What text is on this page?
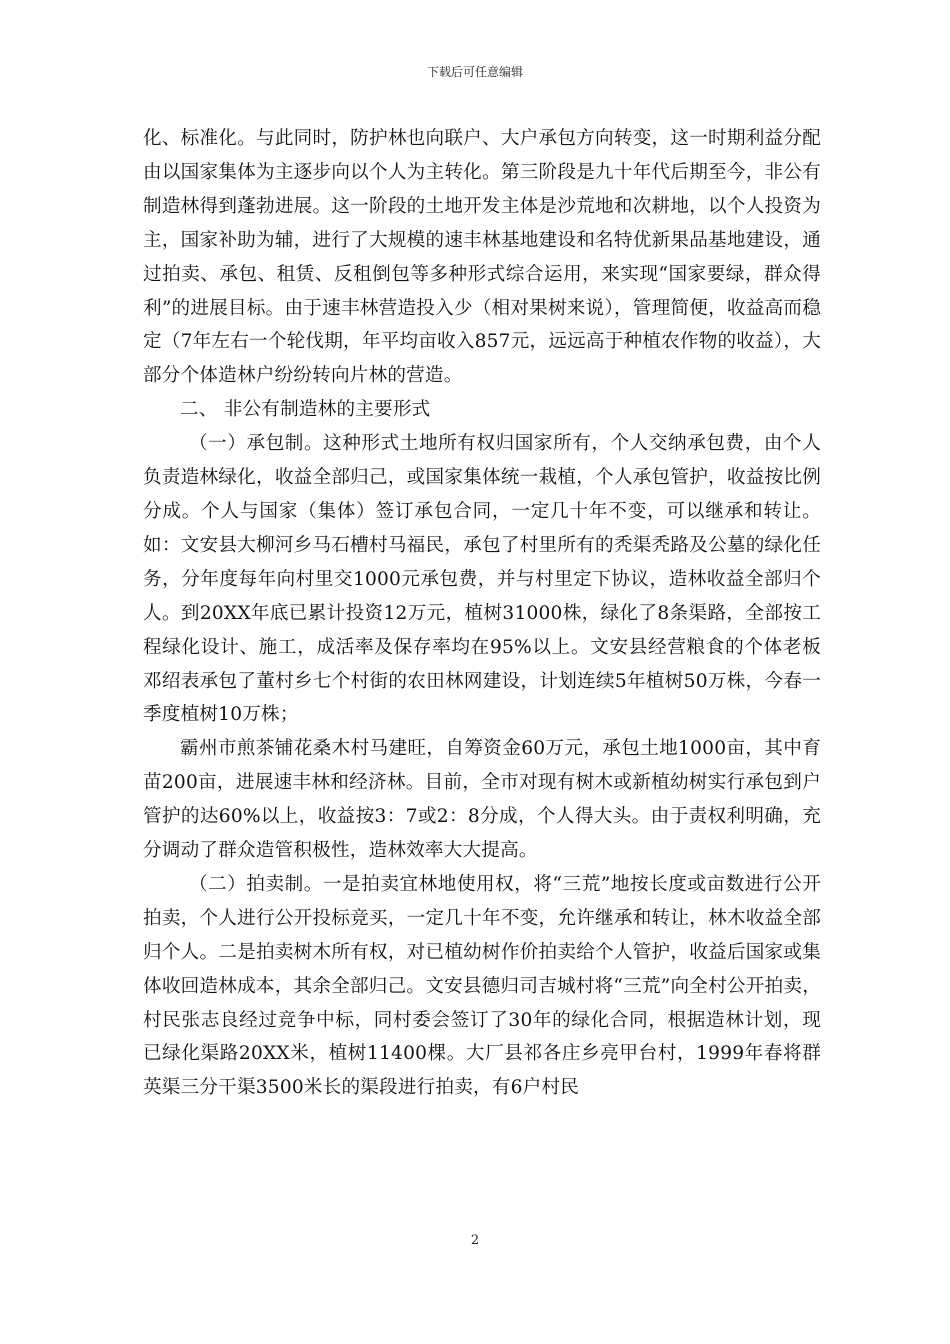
下载后可任意编辑

化、标准化。与此同时，防护林也向联户、大户承包方向转变，这一时期利益分配由以国家集体为主逐步向以个人为主转化。第三阶段是九十年代后期至今，非公有制造林得到蓬勃进展。这一阶段的土地开发主体是沙荒地和次耕地，以个人投资为主，国家补助为辅，进行了大规模的速丰林基地建设和名特优新果品基地建设，通过拍卖、承包、租赁、反租倒包等多种形式综合运用，来实现“国家要绿，群众得利”的进展目标。由于速丰林营造投入少（相对果树来说），管理简便，收益高而稳定（7年左右一个轮伐期，年平均亩收入857元，远远高于种植农作物的收益），大部分个体造林户纷纷转向片林的营造。

二、 非公有制造林的主要形式

（一）承包制。这种形式土地所有权归国家所有，个人交纳承包费，由个人负责造林绿化，收益全部归己，或国家集体统一栽植，个人承包管护，收益按比例分成。个人与国家（集体）签订承包合同，一定几十年不变，可以继承和转让。如：文安县大柳河乡马石槽村马福民，承包了村里所有的秃渠秃路及公墓的绿化任务，分年度每年向村里交1000元承包费，并与村里定下协议，造林收益全部归个人。到20XX年底已累计投资12万元，植树31000株，绿化了8条渠路，全部按工程绿化设计、施工，成活率及保存率均在95%以上。文安县经营粮食的个体老板邓绍表承包了董村乡七个村街的农田林网建设，计划连续5年植树50万株，今春一季度植树10万株；

霸州市煎茶铺花桑木村马建旺，自筹资金60万元，承包土地1000亩，其中育苗200亩，进展速丰林和经济林。目前，全市对现有树木或新植幼树实行承包到户管护的达60%以上，收益按3：7或2：8分成，个人得大头。由于责权利明确，充分调动了群众造管积极性，造林效率大大提高。

（二）拍卖制。一是拍卖宜林地使用权，将“三荒”地按长度或亩数进行公开拍卖，个人进行公开投标竞买，一定几十年不变，允许继承和转让，林木收益全部归个人。二是拍卖树木所有权，对已植幼树作价拍卖给个人管护，收益后国家或集体收回造林成本，其余全部归己。文安县德归司吉城村将“三荒”向全村公开拍卖，村民张志良经过竞争中标，同村委会签订了30年的绿化合同，根据造林计划，现已绿化渠路20XX米，植树11400棵。大厂县祁各庄乡亮甲台村，1999年春将群英渠三分干渠3500米长的渠段进行拍卖，有6户村民

2
